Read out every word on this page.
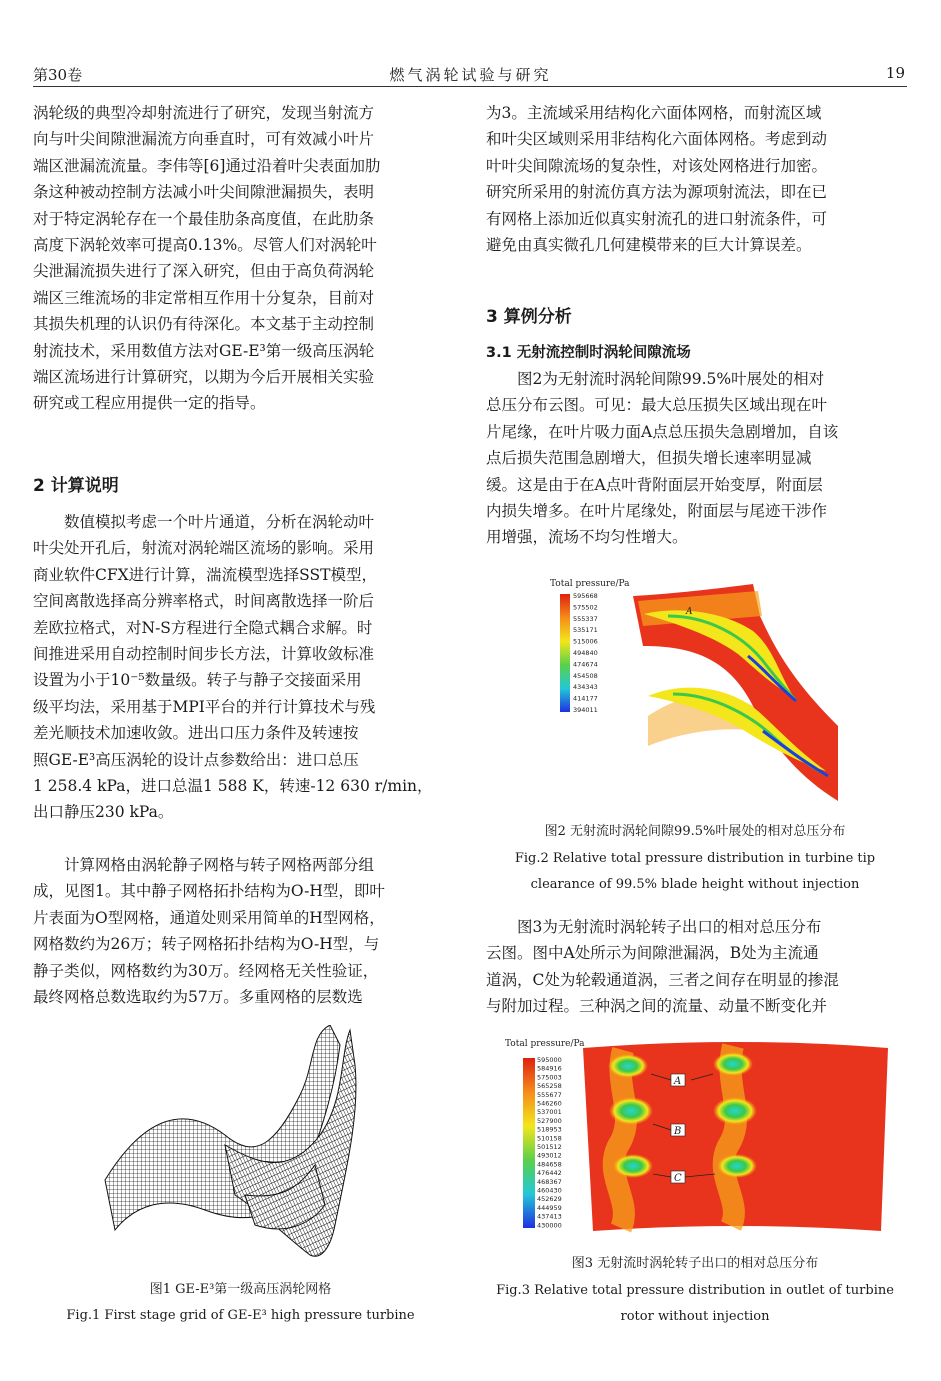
第30卷	燃气涡轮试验与研究	19
涡轮级的典型冷却射流进行了研究，发现当射流方
向与叶尖间隙泄漏流方向垂直时，可有效减小叶片
端区泄漏流流量。李伟等[6]通过沿着叶尖表面加肋
条这种被动控制方法减小叶尖间隙泄漏损失，表明
对于特定涡轮存在一个最佳肋条高度值，在此肋条
高度下涡轮效率可提高0.13%。尽管人们对涡轮叶
尖泄漏流损失进行了深入研究，但由于高负荷涡轮
端区三维流场的非定常相互作用十分复杂，目前对
其损失机理的认识仍有待深化。本文基于主动控制
射流技术，采用数值方法对GE-E³第一级高压涡轮
端区流场进行计算研究，以期为今后开展相关实验
研究或工程应用提供一定的指导。
2 计算说明
数值模拟考虑一个叶片通道，分析在涡轮动叶
叶尖处开孔后，射流对涡轮端区流场的影响。采用
商业软件CFX进行计算，湍流模型选择SST模型，
空间离散选择高分辨率格式，时间离散选择一阶后
差欧拉格式，对N-S方程进行全隐式耦合求解。时
间推进采用自动控制时间步长方法，计算收敛标准
设置为小于10⁻⁵数量级。转子与静子交接面采用
级平均法，采用基于MPI平台的并行计算技术与残
差光顺技术加速收敛。进出口压力条件及转速按
照GE-E³高压涡轮的设计点参数给出：进口总压
1 258.4 kPa，进口总温1 588 K，转速-12 630 r/min，
出口静压230 kPa。
计算网格由涡轮静子网格与转子网格两部分组
成，见图1。其中静子网格拓扑结构为O-H型，即叶
片表面为O型网格，通道处则采用简单的H型网格，
网格数约为26万；转子网格拓扑结构为O-H型，与
静子类似，网格数约为30万。经网格无关性验证，
最终网格总数选取约为57万。多重网格的层数选
图1 GE-E³第一级高压涡轮网格
Fig.1 First stage grid of GE-E³ high pressure turbine
为3。主流域采用结构化六面体网格，而射流区域
和叶尖区域则采用非结构化六面体网格。考虑到动
叶叶尖间隙流场的复杂性，对该处网格进行加密。
研究所采用的射流仿真方法为源项射流法，即在已
有网格上添加近似真实射流孔的进口射流条件，可
避免由真实微孔几何建模带来的巨大计算误差。
3 算例分析
3.1 无射流控制时涡轮间隙流场
图2为无射流时涡轮间隙99.5%叶展处的相对
总压分布云图。可见：最大总压损失区域出现在叶
片尾缘，在叶片吸力面A点总压损失急剧增加，自该
点后损失范围急剧增大，但损失增长速率明显减
缓。这是由于在A点叶背附面层开始变厚，附面层
内损失增多。在叶片尾缘处，附面层与尾迹干涉作
用增强，流场不均匀性增大。
Total pressure/Pa
595668
575502
555337
535171
515006
494840
474674
454508
434343
414177
394011
A
图2 无射流时涡轮间隙99.5%叶展处的相对总压分布
Fig.2 Relative total pressure distribution in turbine tip
clearance of 99.5% blade height without injection
图3为无射流时涡轮转子出口的相对总压分布
云图。图中A处所示为间隙泄漏涡，B处为主流通
道涡，C处为轮毂通道涡，三者之间存在明显的掺混
与附加过程。三种涡之间的流量、动量不断变化并
Total pressure/Pa
595000
584916
575003
565258
555677
546260
537001
527900
518953
510158
501512
493012
484658
476442
468367
460430
452629
444959
437413
430000
A
B
C
图3 无射流时涡轮转子出口的相对总压分布
Fig.3 Relative total pressure distribution in outlet of turbine
rotor without injection
